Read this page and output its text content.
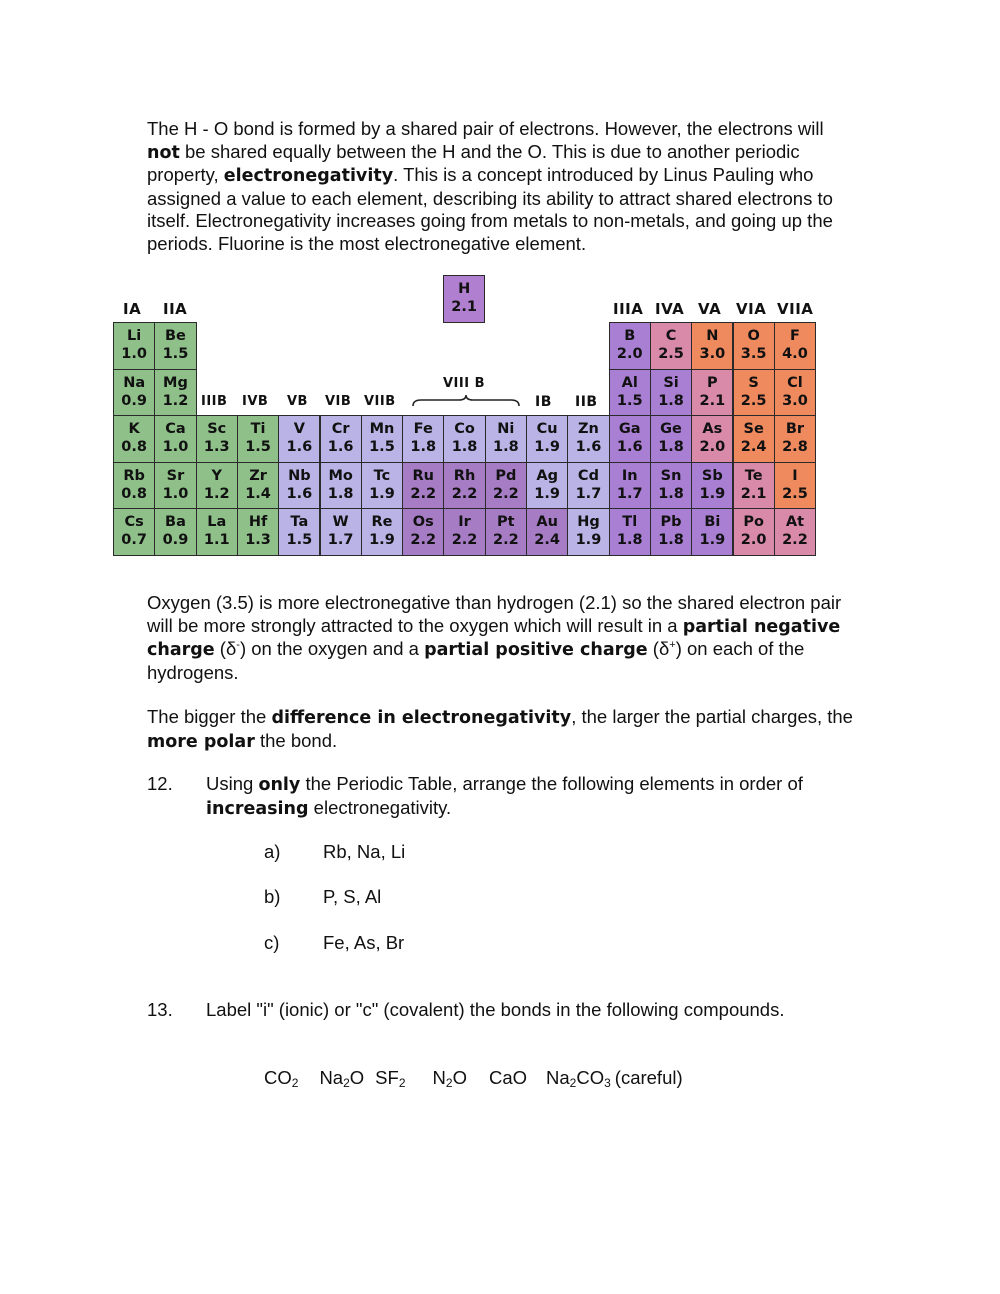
The H - O bond is formed by a shared pair of electrons. However, the electrons will not be shared equally between the H and the O. This is due to another periodic property, electronegativity. This is a concept introduced by Linus Pauling who assigned a value to each element, describing its ability to attract shared electrons to itself. Electronegativity increases going from metals to non-metals, and going up the periods. Fluorine is the most electronegative element.
IA IIA
IIIB IVB VB VIB VIIB
VIII B
IB IIB
IIIA IVA VA VIA VIIA
H
2.1
Li
1.0
Be
1.5
B
2.0
C
2.5
N
3.0
O
3.5
F
4.0
Na
0.9
Mg
1.2
Al
1.5
Si
1.8
P
2.1
S
2.5
Cl
3.0
K
0.8
Ca
1.0
Sc
1.3
Ti
1.5
V
1.6
Cr
1.6
Mn
1.5
Fe
1.8
Co
1.8
Ni
1.8
Cu
1.9
Zn
1.6
Ga
1.6
Ge
1.8
As
2.0
Se
2.4
Br
2.8
Rb
0.8
Sr
1.0
Y
1.2
Zr
1.4
Nb
1.6
Mo
1.8
Tc
1.9
Ru
2.2
Rh
2.2
Pd
2.2
Ag
1.9
Cd
1.7
In
1.7
Sn
1.8
Sb
1.9
Te
2.1
I
2.5
Cs
0.7
Ba
0.9
La
1.1
Hf
1.3
Ta
1.5
W
1.7
Re
1.9
Os
2.2
Ir
2.2
Pt
2.2
Au
2.4
Hg
1.9
Tl
1.8
Pb
1.8
Bi
1.9
Po
2.0
At
2.2
Oxygen (3.5) is more electronegative than hydrogen (2.1) so the shared electron pair will be more strongly attracted to the oxygen which will result in a partial negative charge (δ-) on the oxygen and a partial positive charge (δ+) on each of the hydrogens.
The bigger the difference in electronegativity, the larger the partial charges, the more polar the bond.
12. Using only the Periodic Table, arrange the following elements in order of increasing electronegativity.
a) Rb, Na, Li
b) P, S, Al
c) Fe, As, Br
13. Label "i" (ionic) or "c" (covalent) the bonds in the following compounds.
$CO_2$ $Na_2O$ $SF_2$ $N_2O$ CaO $Na_2CO_3$ (careful)
